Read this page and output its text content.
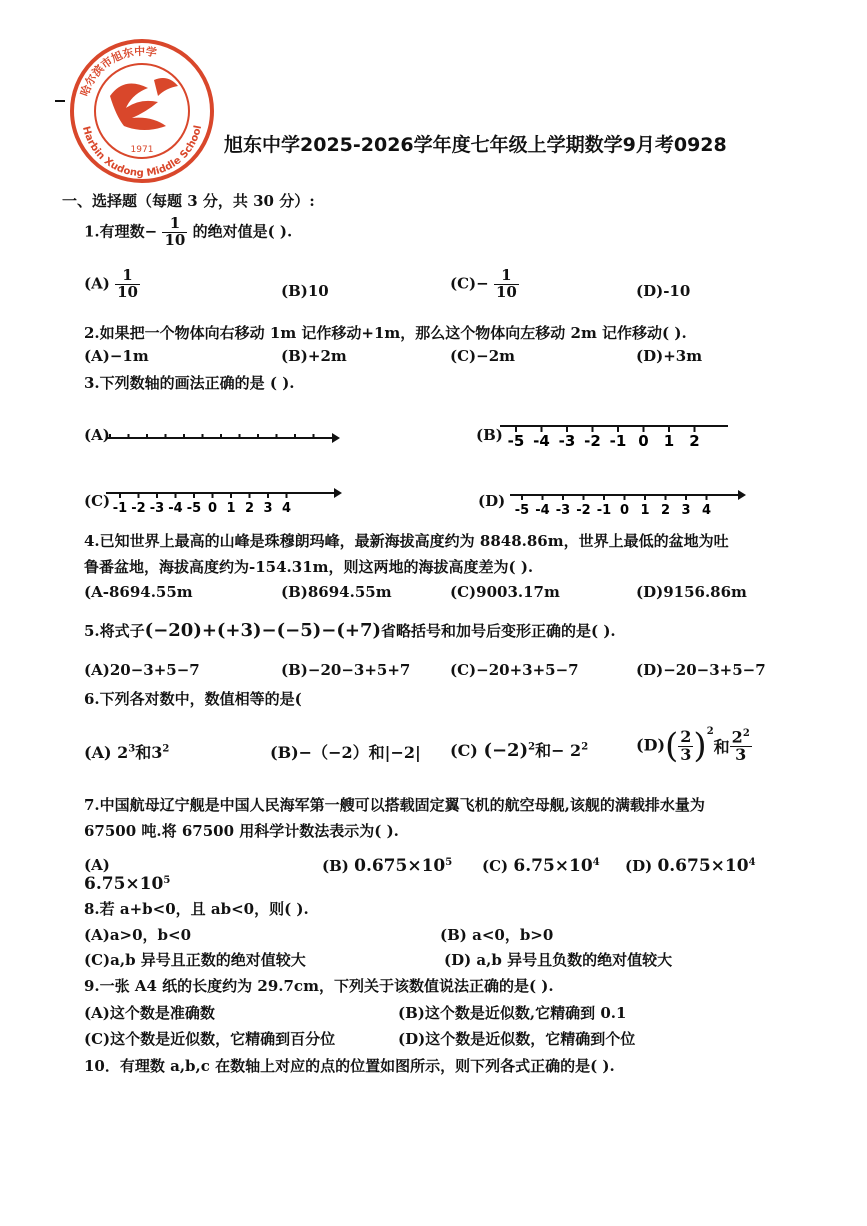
哈尔滨市旭东中学
Harbin Xudong Middle School
1971	旭东中学2025-2026学年度七年级上学期数学9月考0928
一、选择题（每题 3 分，共 30 分）:
1.有理数− $\frac{1}{10}$ 的绝对值是( ).
$(A) \frac{1}{10}$	(B)10	$(C)- \frac{1}{10}$	(D)-10
2.如果把一个物体向右移动 1m 记作移动+1m，那么这个物体向左移动 2m 记作移动( ).
(A)−1m	(B)+2m	(C)−2m	(D)+3m
3.下列数轴的画法正确的是 ( ).
(A)	(B) -5 -4 -3 -2 -1 0 1 2
(C) -1 -2 -3 -4 -5 0 1 2 3 4	(D)
-5 -4 -3 -2 -1 0 1 2 3 4
4.已知世界上最高的山峰是珠穆朗玛峰，最新海拔高度约为 8848.86m，世界上最低的盆地为吐
鲁番盆地，海拔高度约为-154.31m，则这两地的海拔高度差为( ).
(A-8694.55m	(B)8694.55m	(C)9003.17m	(D)9156.86m
5.将式子(−20)+(+3)−(−5)−(+7)省略括号和加号后变形正确的是( ).
(A)20−3+5−7	(B)−20−3+5+7	(C)−20+3+5−7	(D)−20−3+5−7
6.下列各对数中，数值相等的是(
(A) $2^3$和$3^2$	(B)−（−2）和|−2| (C) $(-2)^2$和− $2^2$	$(D)( \frac{2}{3} )^2$和 $\frac{2^2}{3}$
7.中国航母辽宁舰是中国人民海军第一艘可以搭载固定翼飞机的航空母舰,该舰的满载排水量为
67500 吨.将 67500 用科学计数法表示为( ).
(A)
$6.75\times 10^5$
(B) $0.675\times 10^5$ (C) $6.75\times 10^4$ (D) $0.675\times 10^4$
8.若 a+b<0，且 ab<0，则( ).
(A)a>0，b<0	(B) a<0，b>0
(C)a,b 异号且正数的绝对值较大	(D) a,b 异号且负数的绝对值较大
9.一张 A4 纸的长度约为 29.7cm，下列关于该数值说法正确的是( ).
(A)这个数是准确数	(B)这个数是近似数,它精确到 0.1
(C)这个数是近似数，它精确到百分位	(D)这个数是近似数，它精确到个位
10．有理数 a,b,c 在数轴上对应的点的位置如图所示，则下列各式正确的是( ).
